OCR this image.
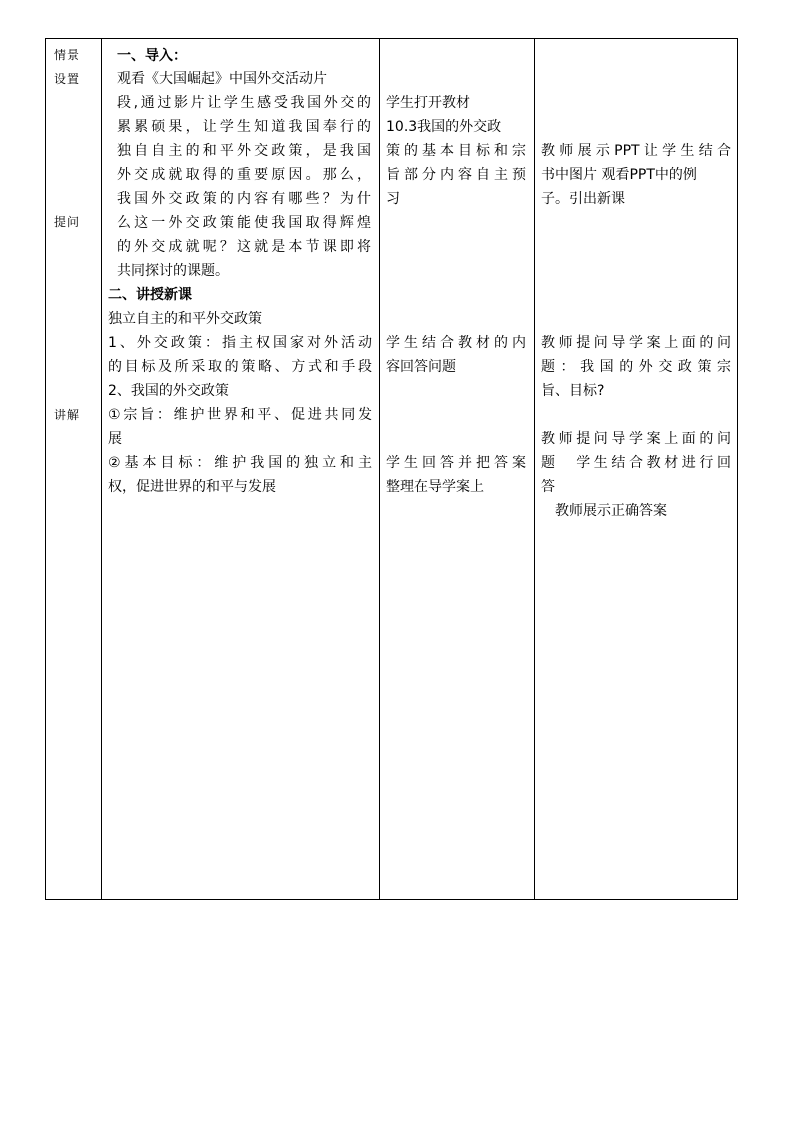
情景
设置
提问
讲解
一、导入：
观看《大国崛起》中国外交活动片
段,通过影片让学生感受我国外交的
累累硕果，让学生知道我国奉行的
独自自主的和平外交政策，是我国
外交成就取得的重要原因。那么，
我国外交政策的内容有哪些？为什
么这一外交政策能使我国取得辉煌
的外交成就呢？这就是本节课即将
共同探讨的课题。
二、讲授新课
独立自主的和平外交政策
1、外交政策：指主权国家对外活动
的目标及所采取的策略、方式和手段
2、我国的外交政策
①宗旨：维护世界和平、促进共同发
展
②基本目标：维护我国的独立和主
权，促进世界的和平与发展
学生打开教材
10.3我国的外交政
策的基本目标和宗
旨部分内容自主预
习
学生结合教材的内
容回答问题
学生回答并把答案
整理在导学案上
教师展示PPT让学生结合
书中图片 观看PPT中的例
子。引出新课
教师提问导学案上面的问
题：我国的外交政策宗
旨、目标?
教师提问导学案上面的问
题　学生结合教材进行回
答
　教师展示正确答案
